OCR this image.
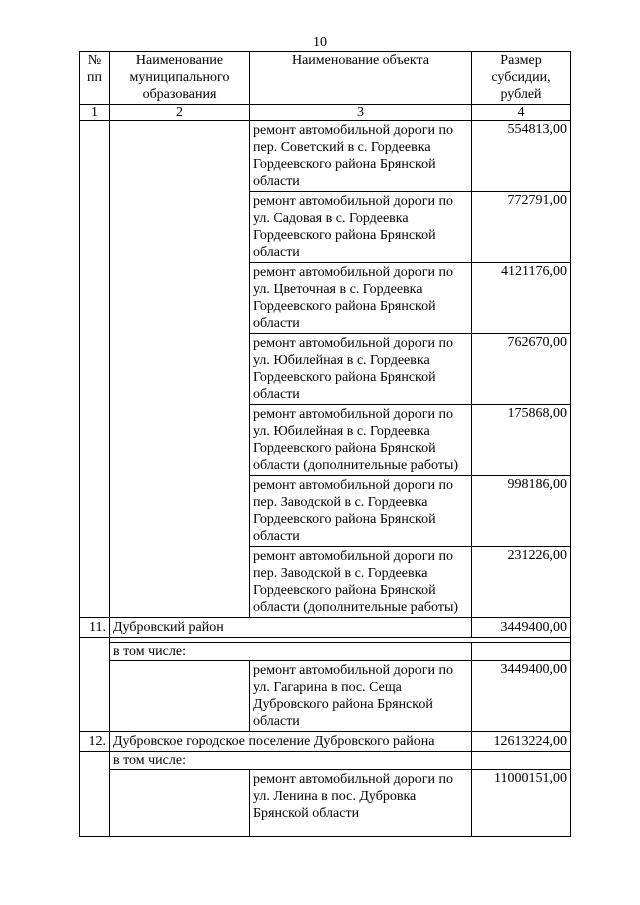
10
№ пп	Наименование муниципального образования	Наименование объекта	Размер субсидии, рублей
1	2	3	4
		ремонт автомобильной дороги по пер. Советский в с. Гордеевка Гордеевского района Брянской области	554813,00
		ремонт автомобильной дороги по ул. Садовая в с. Гордеевка Гордеевского района Брянской области	772791,00
		ремонт автомобильной дороги по ул. Цветочная в с. Гордеевка Гордеевского района Брянской области	4121176,00
		ремонт автомобильной дороги по ул. Юбилейная в с. Гордеевка Гордеевского района Брянской области	762670,00
		ремонт автомобильной дороги по ул. Юбилейная в с. Гордеевка Гордеевского района Брянской области (дополнительные работы)	175868,00
		ремонт автомобильной дороги по пер. Заводской в с. Гордеевка Гордеевского района Брянской области	998186,00
		ремонт автомобильной дороги по пер. Заводской в с. Гордеевка Гордеевского района Брянской области (дополнительные работы)	231226,00
11.	Дубровский район		3449400,00

	в том числе:		
		ремонт автомобильной дороги по ул. Гагарина в пос. Сеща Дубровского района Брянской области	3449400,00
12.	Дубровское городское поселение Дубровского района		12613224,00
	в том числе:		
		ремонт автомобильной дороги по ул. Ленина в пос. Дубровка Брянской области	11000151,00
